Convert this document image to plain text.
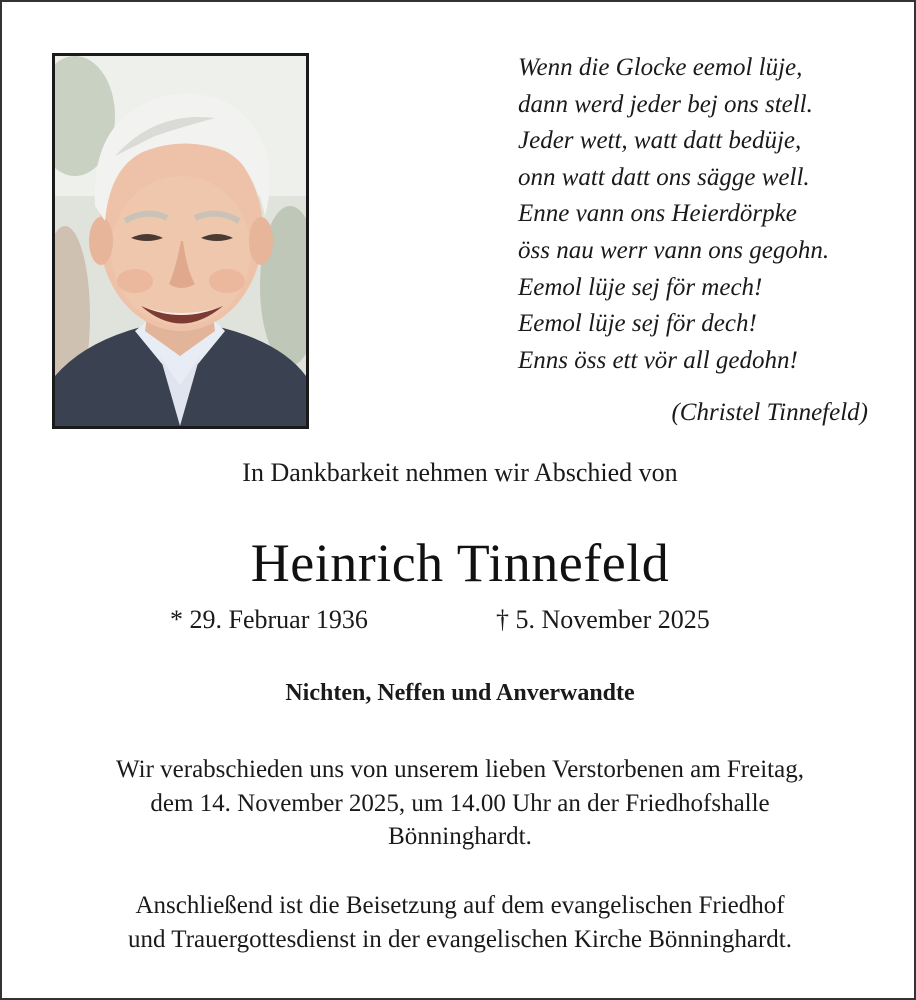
Wenn die Glocke eemol lüje,
dann werd jeder bej ons stell.
Jeder wett, watt datt bedüje,
onn watt datt ons sägge well.
Enne vann ons Heierdörpke
öss nau werr vann ons gegohn.
Eemol lüje sej för mech!
Eemol lüje sej för dech!
Enns öss ett vör all gedohn!
(Christel Tinnefeld)
In Dankbarkeit nehmen wir Abschied von
Heinrich Tinnefeld
* 29. Februar 1936	† 5. November 2025
Nichten, Neffen und Anverwandte
Wir verabschieden uns von unserem lieben Verstorbenen am Freitag,
dem 14. November 2025, um 14.00 Uhr an der Friedhofshalle
Bönninghardt.
Anschließend ist die Beisetzung auf dem evangelischen Friedhof
und Trauergottesdienst in der evangelischen Kirche Bönninghardt.
